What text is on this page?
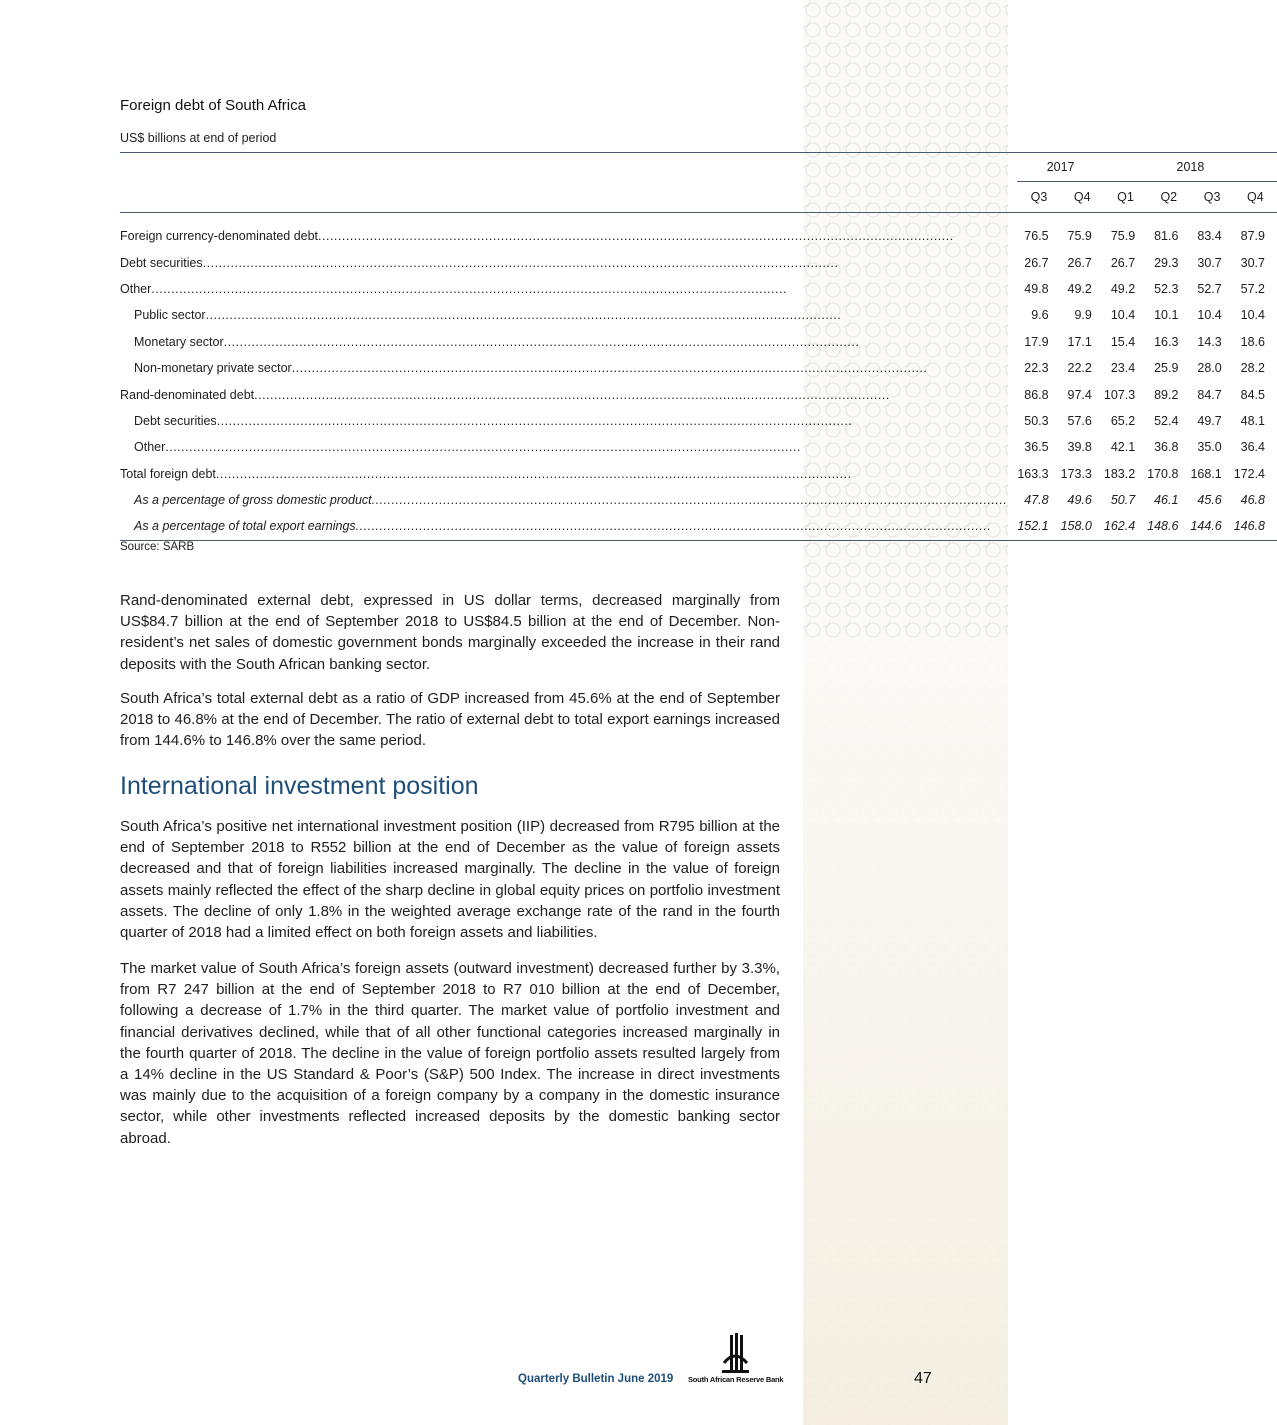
Foreign debt of South Africa
US$ billions at end of period
	2017		2018			
	Q3	Q4	Q1	Q2	Q3	Q4

Foreign currency-denominated debt ................................................................................................................................................................	76.5	75.9	75.9	81.6	83.4	87.9

Debt securities ................................................................................................................................................................	26.7	26.7	26.7	29.3	30.7	30.7

Other ................................................................................................................................................................	49.8	49.2	49.2	52.3	52.7	57.2

Public sector ................................................................................................................................................................	9.6	9.9	10.4	10.1	10.4	10.4

Monetary sector ................................................................................................................................................................	17.9	17.1	15.4	16.3	14.3	18.6

Non-monetary private sector ................................................................................................................................................................	22.3	22.2	23.4	25.9	28.0	28.2

Rand-denominated debt ................................................................................................................................................................	86.8	97.4	107.3	89.2	84.7	84.5

Debt securities ................................................................................................................................................................	50.3	57.6	65.2	52.4	49.7	48.1

Other ................................................................................................................................................................	36.5	39.8	42.1	36.8	35.0	36.4

Total foreign debt ................................................................................................................................................................	163.3	173.3	183.2	170.8	168.1	172.4

As a percentage of gross domestic product ................................................................................................................................................................	47.8	49.6	50.7	46.1	45.6	46.8

As a percentage of total export earnings ................................................................................................................................................................	152.1	158.0	162.4	148.6	144.6	146.8
Source: SARB

Rand-denominated external debt, expressed in US dollar terms, decreased marginally from US$84.7 billion at the end of September 2018 to US$84.5 billion at the end of December. Non-resident’s net sales of domestic government bonds marginally exceeded the increase in their rand deposits with the South African banking sector.

South Africa’s total external debt as a ratio of GDP increased from 45.6% at the end of September 2018 to 46.8% at the end of December. The ratio of external debt to total export earnings increased from 144.6% to 146.8% over the same period.

International investment position

South Africa’s positive net international investment position (IIP) decreased from R795 billion at the end of September 2018 to R552 billion at the end of December as the value of foreign assets decreased and that of foreign liabilities increased marginally. The decline in the value of foreign assets mainly reflected the effect of the sharp decline in global equity prices on portfolio investment assets. The decline of only 1.8% in the weighted average exchange rate of the rand in the fourth quarter of 2018 had a limited effect on both foreign assets and liabilities.

The market value of South Africa’s foreign assets (outward investment) decreased further by 3.3%, from R7 247 billion at the end of September 2018 to R7 010 billion at the end of December, following a decrease of 1.7% in the third quarter. The market value of portfolio investment and financial derivatives declined, while that of all other functional categories increased marginally in the fourth quarter of 2018. The decline in the value of foreign portfolio assets resulted largely from a 14% decline in the US Standard & Poor’s (S&P) 500 Index. The increase in direct investments was mainly due to the acquisition of a foreign company by a company in the domestic insurance sector, while other investments reflected increased deposits by the domestic banking sector abroad.

Quarterly Bulletin June 2019 South African Reserve Bank	47
